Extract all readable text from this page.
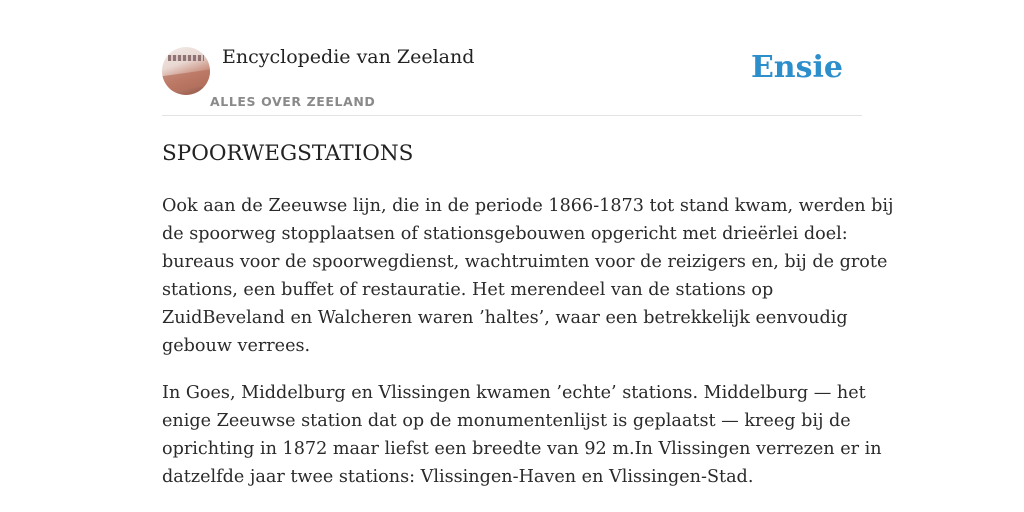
Encyclopedie van Zeeland
ALLES OVER ZEELAND
Ensie
SPOORWEGSTATIONS
Ook aan de Zeeuwse lijn, die in de periode 1866-1873 tot stand kwam, werden bij
de spoorweg stopplaatsen of stationsgebouwen opgericht met drieërlei doel:
bureaus voor de spoorwegdienst, wachtruimten voor de reizigers en, bij de grote
stations, een buffet of restauratie. Het merendeel van de stations op
ZuidBeveland en Walcheren waren ’haltes’, waar een betrekkelijk eenvoudig
gebouw verrees.
In Goes, Middelburg en Vlissingen kwamen ’echte’ stations. Middelburg — het
enige Zeeuwse station dat op de monumentenlijst is geplaatst — kreeg bij de
oprichting in 1872 maar liefst een breedte van 92 m.In Vlissingen verrezen er in
datzelfde jaar twee stations: Vlissingen-Haven en Vlissingen-Stad.
